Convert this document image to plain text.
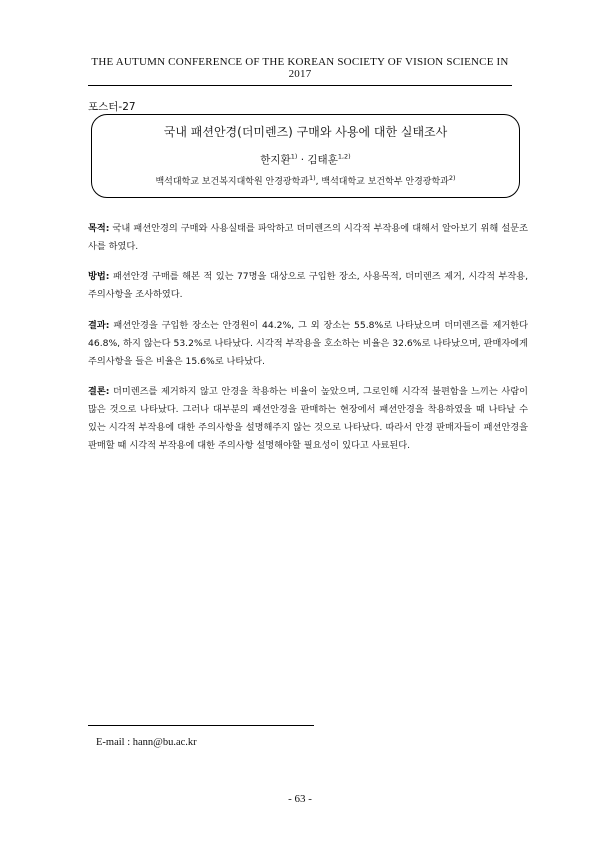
THE AUTUMN CONFERENCE OF THE KOREAN SOCIETY OF VISION SCIENCE IN 2017
포스터-27
국내 패션안경(더미렌즈) 구매와 사용에 대한 실태조사
한지환$^{1)}$ · 김태훈$^{1,2)}$
백석대학교 보건복지대학원 안경광학과$^{1)}$, 백석대학교 보건학부 안경광학과$^{2)}$
목적: 국내 패션안경의 구매와 사용실태를 파악하고 더미렌즈의 시각적 부작용에 대해서 알아보기 위해 설문조사를 하였다.
방법: 패션안경 구매를 해본 적 있는 77명을 대상으로 구입한 장소, 사용목적, 더미렌즈 제거, 시각적 부작용, 주의사항을 조사하였다.
결과: 패션안경을 구입한 장소는 안경원이 44.2%, 그 외 장소는 55.8%로 나타났으며 더미렌즈를 제거한다 46.8%, 하지 않는다 53.2%로 나타났다. 시각적 부작용을 호소하는 비율은 32.6%로 나타났으며, 판매자에게 주의사항을 들은 비율은 15.6%로 나타났다.
결론: 더미렌즈를 제거하지 않고 안경을 착용하는 비율이 높았으며, 그로인해 시각적 불편함을 느끼는 사람이 많은 것으로 나타났다. 그러나 대부분의 패션안경을 판매하는 현장에서 패션안경을 착용하였을 때 나타날 수 있는 시각적 부작용에 대한 주의사항을 설명해주지 않는 것으로 나타났다. 따라서 안경 판매자들이 패션안경을 판매할 때 시각적 부작용에 대한 주의사항 설명해야할 필요성이 있다고 사료된다.
E-mail : hann@bu.ac.kr
- 63 -
